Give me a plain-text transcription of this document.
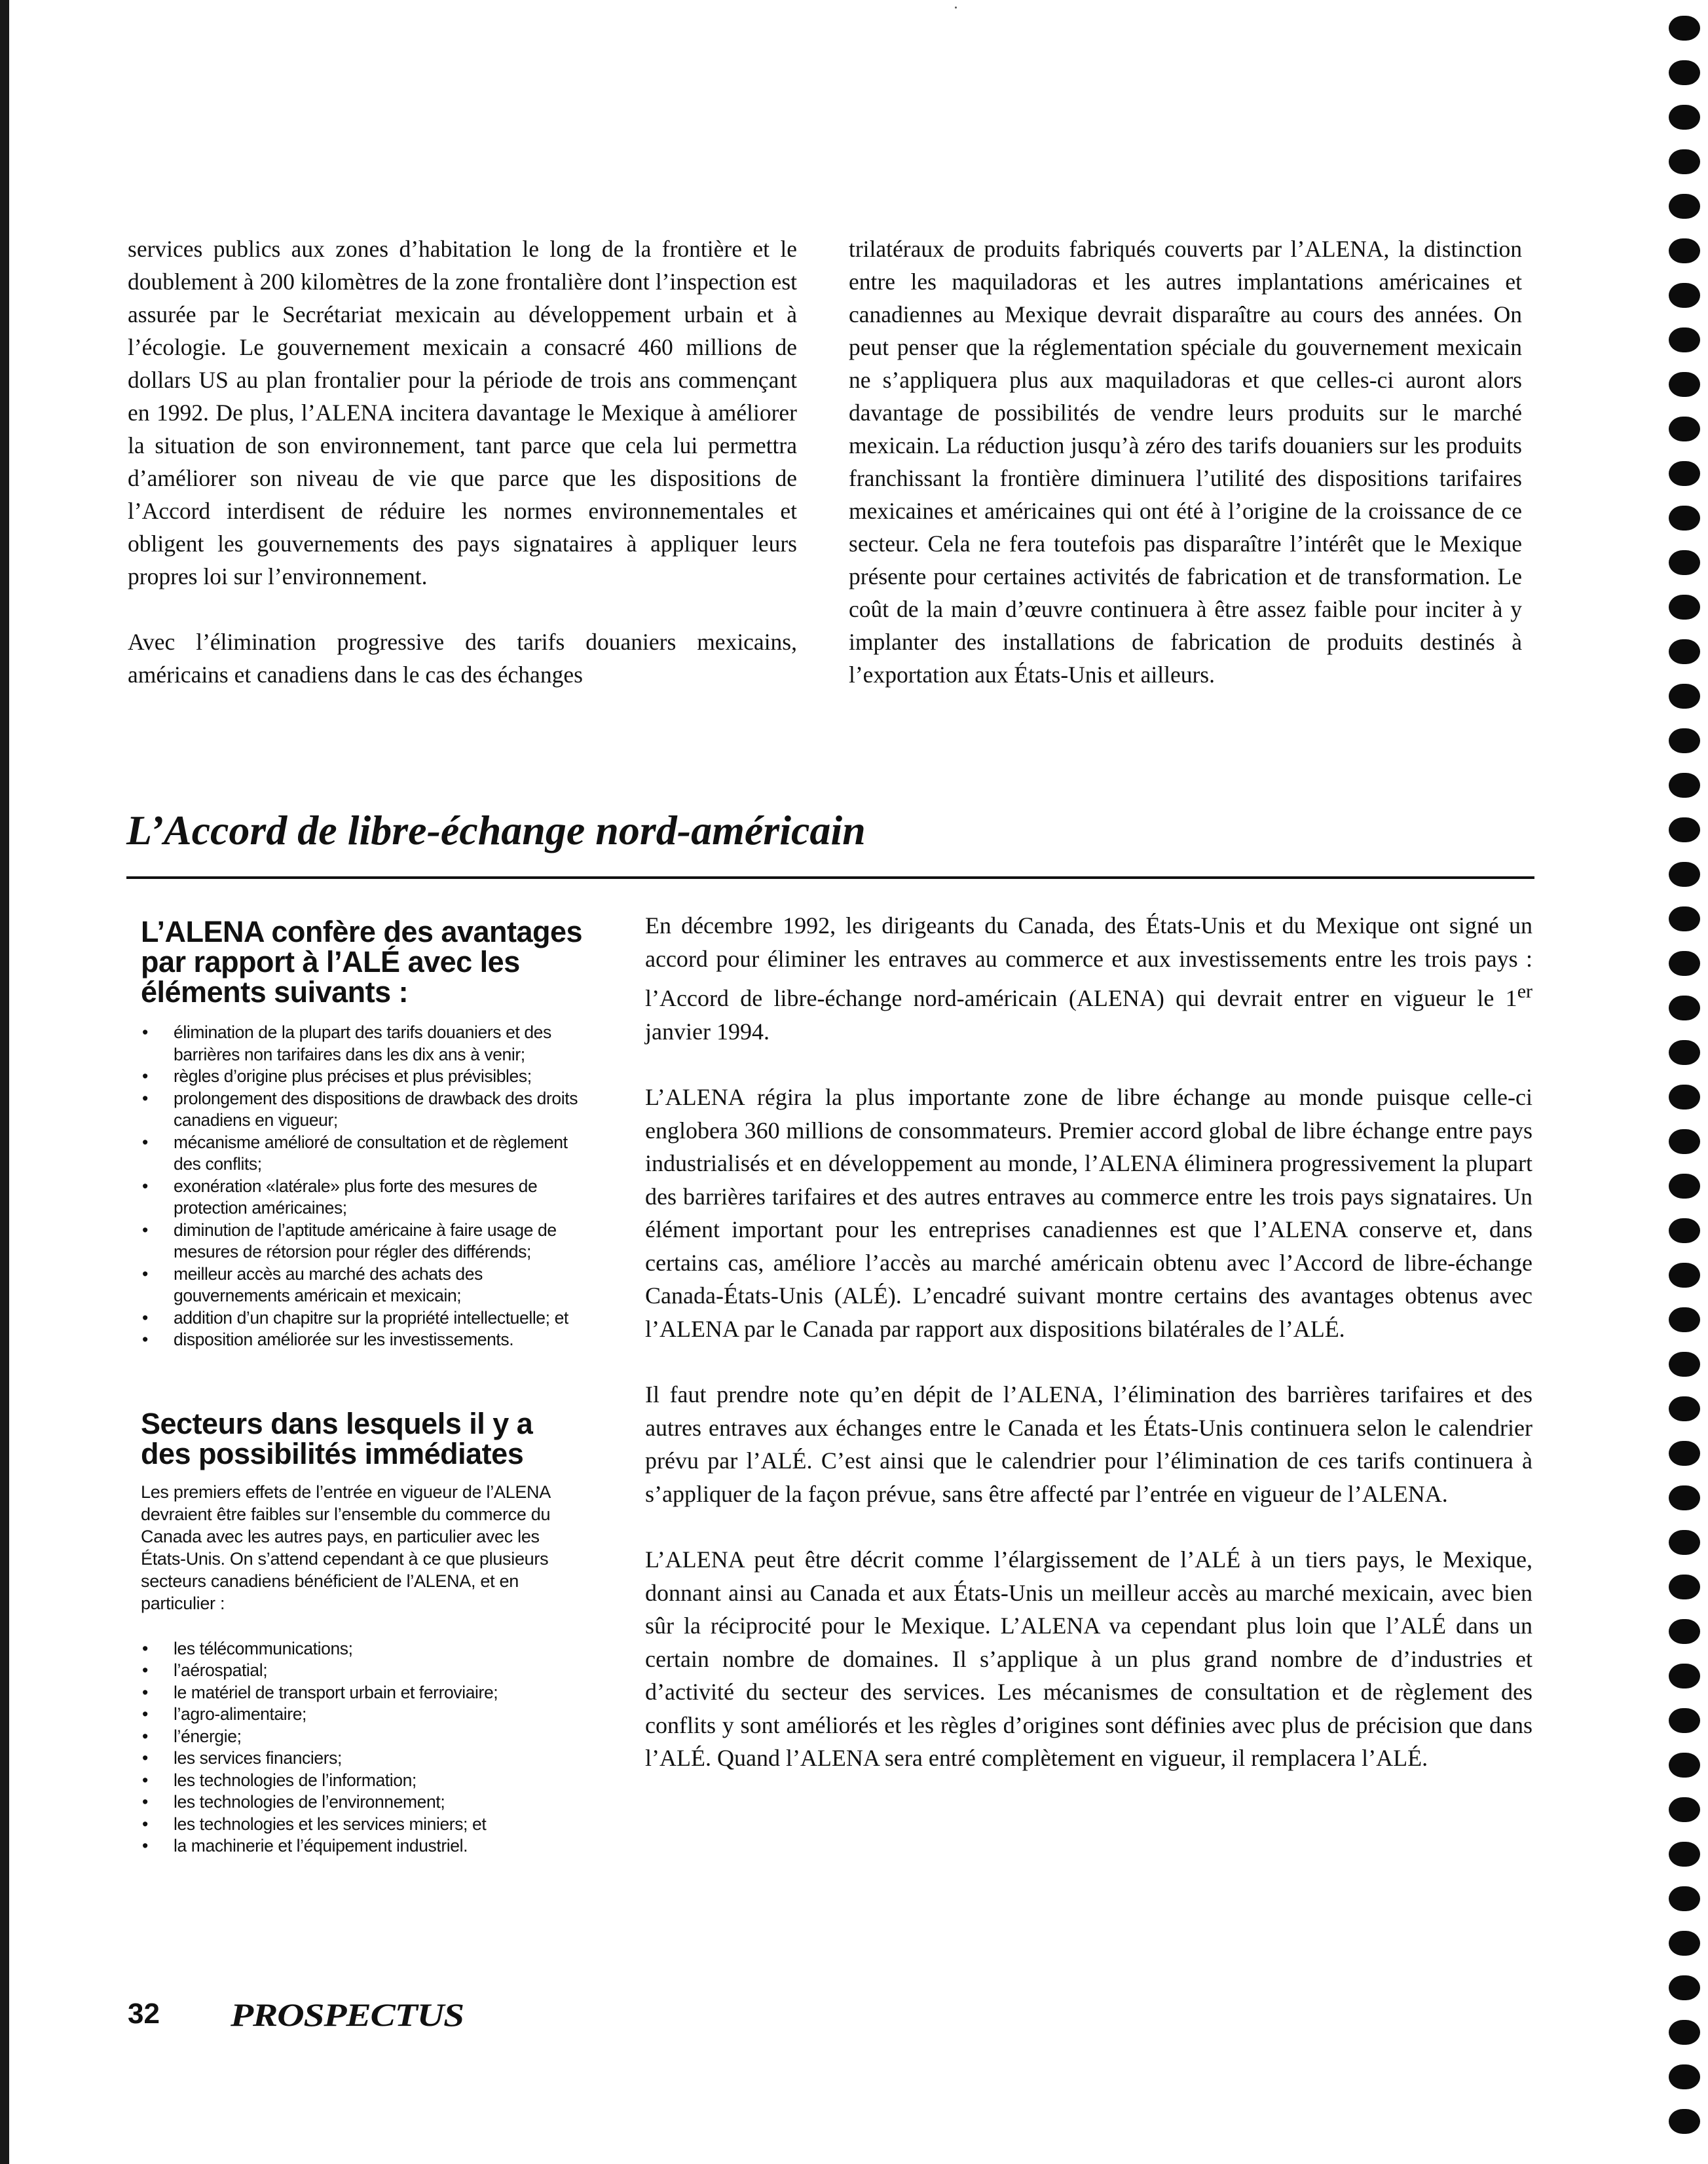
services publics aux zones d’habitation le long de la frontière et le doublement à 200 kilomètres de la zone frontalière dont l’inspection est assurée par le Secrétariat mexicain au développement urbain et à l’écologie. Le gouvernement mexicain a consacré 460 millions de dollars US au plan frontalier pour la période de trois ans commençant en 1992. De plus, l’ALENA incitera davantage le Mexique à améliorer la situation de son environnement, tant parce que cela lui permettra d’améliorer son niveau de vie que parce que les dispositions de l’Accord interdisent de réduire les normes environnementales et obligent les gouvernements des pays signataires à appliquer leurs propres loi sur l’environnement.

Avec l’élimination progressive des tarifs douaniers mexicains, américains et canadiens dans le cas des échanges

trilatéraux de produits fabriqués couverts par l’ALENA, la distinction entre les maquiladoras et les autres implantations américaines et canadiennes au Mexique devrait disparaître au cours des années. On peut penser que la réglementation spéciale du gouvernement mexicain ne s’appliquera plus aux maquiladoras et que celles-ci auront alors davantage de possibilités de vendre leurs produits sur le marché mexicain. La réduction jusqu’à zéro des tarifs douaniers sur les produits franchissant la frontière diminuera l’utilité des dispositions tarifaires mexicaines et américaines qui ont été à l’origine de la croissance de ce secteur. Cela ne fera toutefois pas disparaître l’intérêt que le Mexique présente pour certaines activités de fabrication et de transformation. Le coût de la main d’œuvre continuera à être assez faible pour inciter à y implanter des installations de fabrication de produits destinés à l’exportation aux États-Unis et ailleurs.

L’Accord de libre-échange nord-américain
L’ALENA confère des avantages par rapport à l’ALÉ avec les éléments suivants :
• élimination de la plupart des tarifs douaniers et des barrières non tarifaires dans les dix ans à venir;
• règles d’origine plus précises et plus prévisibles;
• prolongement des dispositions de drawback des droits canadiens en vigueur;
• mécanisme amélioré de consultation et de règlement des conflits;
• exonération «latérale» plus forte des mesures de protection américaines;
• diminution de l’aptitude américaine à faire usage de mesures de rétorsion pour régler des différends;
• meilleur accès au marché des achats des gouvernements américain et mexicain;
• addition d’un chapitre sur la propriété intellectuelle; et
• disposition améliorée sur les investissements.
Secteurs dans lesquels il y a des possibilités immédiates

Les premiers effets de l’entrée en vigueur de l’ALENA devraient être faibles sur l’ensemble du commerce du Canada avec les autres pays, en particulier avec les États-Unis. On s’attend cependant à ce que plusieurs secteurs canadiens bénéficient de l’ALENA, et en particulier :

• les télécommunications;
• l’aérospatial;
• le matériel de transport urbain et ferroviaire;
• l’agro-alimentaire;
• l’énergie;
• les services financiers;
• les technologies de l’information;
• les technologies de l’environnement;
• les technologies et les services miniers; et
• la machinerie et l’équipement industriel.

En décembre 1992, les dirigeants du Canada, des États-Unis et du Mexique ont signé un accord pour éliminer les entraves au commerce et aux investissements entre les trois pays : l’Accord de libre-échange nord-américain (ALENA) qui devrait entrer en vigueur le 1er janvier 1994.

L’ALENA régira la plus importante zone de libre échange au monde puisque celle-ci englobera 360 millions de consommateurs. Premier accord global de libre échange entre pays industrialisés et en développement au monde, l’ALENA éliminera progressivement la plupart des barrières tarifaires et des autres entraves au commerce entre les trois pays signataires. Un élément important pour les entreprises canadiennes est que l’ALENA conserve et, dans certains cas, améliore l’accès au marché américain obtenu avec l’Accord de libre-échange Canada-États-Unis (ALÉ). L’encadré suivant montre certains des avantages obtenus avec l’ALENA par le Canada par rapport aux dispositions bilatérales de l’ALÉ.

Il faut prendre note qu’en dépit de l’ALENA, l’élimination des barrières tarifaires et des autres entraves aux échanges entre le Canada et les États-Unis continuera selon le calendrier prévu par l’ALÉ. C’est ainsi que le calendrier pour l’élimination de ces tarifs continuera à s’appliquer de la façon prévue, sans être affecté par l’entrée en vigueur de l’ALENA.

L’ALENA peut être décrit comme l’élargissement de l’ALÉ à un tiers pays, le Mexique, donnant ainsi au Canada et aux États-Unis un meilleur accès au marché mexicain, avec bien sûr la réciprocité pour le Mexique. L’ALENA va cependant plus loin que l’ALÉ dans un certain nombre de domaines. Il s’applique à un plus grand nombre de d’industries et d’activité du secteur des services. Les mécanismes de consultation et de règlement des conflits y sont améliorés et les règles d’origines sont définies avec plus de précision que dans l’ALÉ. Quand l’ALENA sera entré complètement en vigueur, il remplacera l’ALÉ.

32 PROSPECTUS
